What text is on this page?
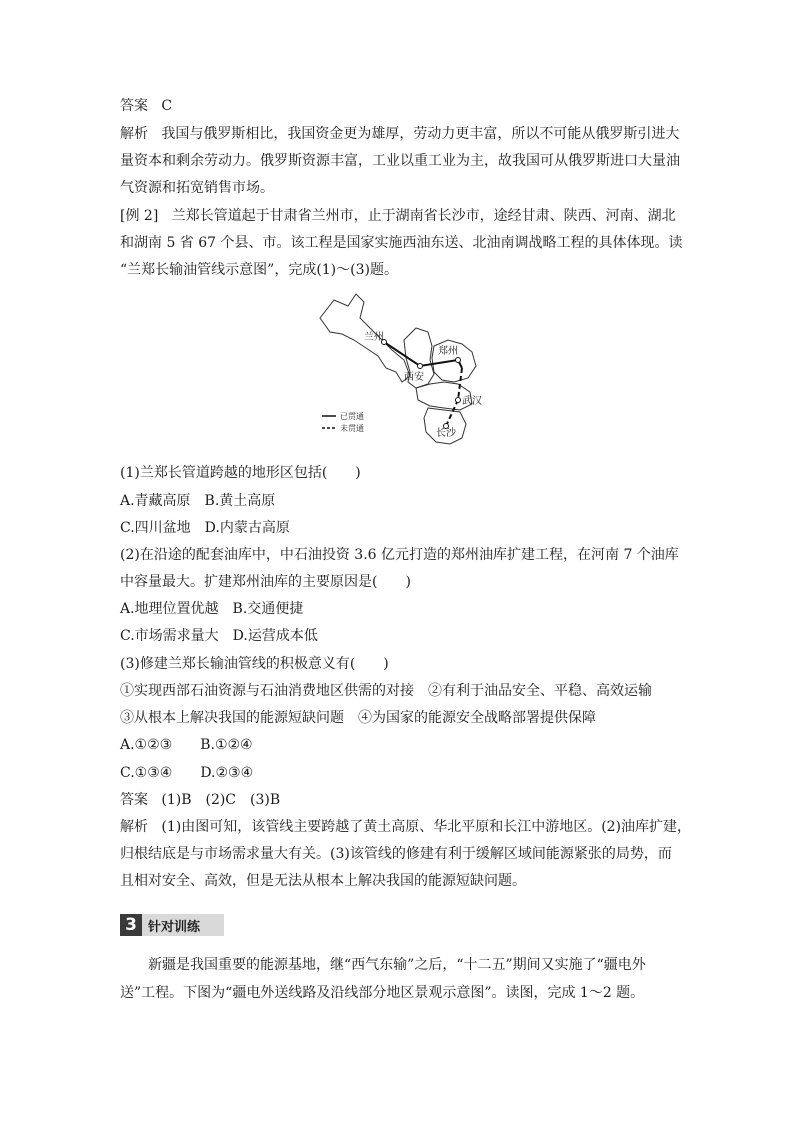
答案 C
解析 我国与俄罗斯相比，我国资金更为雄厚，劳动力更丰富，所以不可能从俄罗斯引进大
量资本和剩余劳动力。俄罗斯资源丰富，工业以重工业为主，故我国可从俄罗斯进口大量油
气资源和拓宽销售市场。
[例 2] 兰郑长管道起于甘肃省兰州市，止于湖南省长沙市，途经甘肃、陕西、河南、湖北
和湖南 5 省 67 个县、市。该工程是国家实施西油东送、北油南调战略工程的具体体现。读
“兰郑长输油管线示意图”，完成(1)～(3)题。
兰州
郑州
西安
武汉
长沙
已贯通
未贯通
(1)兰郑长管道跨越的地形区包括(　　)
A.青藏高原　B.黄土高原
C.四川盆地　D.内蒙古高原
(2)在沿途的配套油库中，中石油投资 3.6 亿元打造的郑州油库扩建工程，在河南 7 个油库
中容量最大。扩建郑州油库的主要原因是(　　)
A.地理位置优越　B.交通便捷
C.市场需求量大　D.运营成本低
(3)修建兰郑长输油管线的积极意义有(　　)
①实现西部石油资源与石油消费地区供需的对接　②有利于油品安全、平稳、高效运输
③从根本上解决我国的能源短缺问题　④为国家的能源安全战略部署提供保障
A.①②③　　B.①②④
C.①③④　　D.②③④
答案 (1)B　(2)C　(3)B
解析 (1)由图可知，该管线主要跨越了黄土高原、华北平原和长江中游地区。(2)油库扩建，
归根结底是与市场需求量大有关。(3)该管线的修建有利于缓解区域间能源紧张的局势，而
且相对安全、高效，但是无法从根本上解决我国的能源短缺问题。
3 针对训练
新疆是我国重要的能源基地，继“西气东输”之后，“十二五”期间又实施了“疆电外
送”工程。下图为“疆电外送线路及沿线部分地区景观示意图”。读图，完成 1～2 题。
